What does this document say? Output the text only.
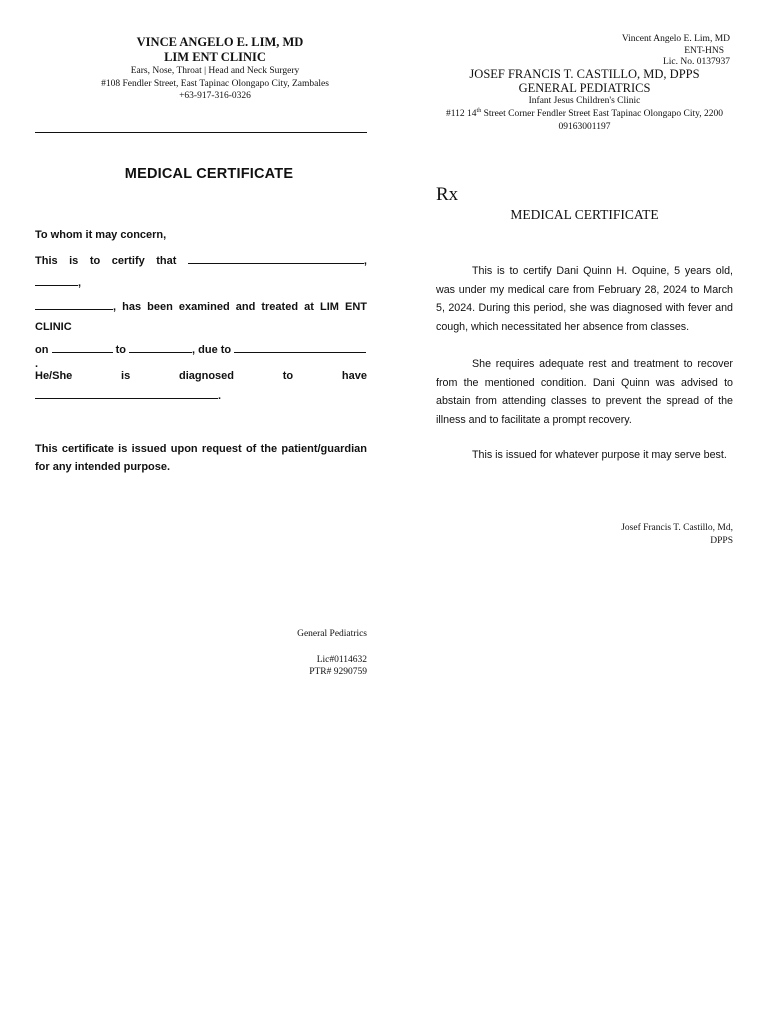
VINCE ANGELO E. LIM, MD
LIM ENT CLINIC
Ears, Nose, Throat | Head and Neck Surgery
#108 Fendler Street, East Tapinac Olongapo City, Zambales
+63-917-316-0326
MEDICAL CERTIFICATE
To whom it may concern,
This is to certify that	,
,
, has been examined and treated at LIM ENT CLINIC
on	to	, due to .
He/She	is	diagnosed	to	have
.
This certificate is issued upon request of the patient/guardian for any intended purpose.
General Pediatrics
Lic#0114632
PTR# 9290759
Vincent Angelo E. Lim, MD
ENT-HNS
Lic. No. 0137937
JOSEF FRANCIS T. CASTILLO, MD, DPPS
GENERAL PEDIATRICS
Infant Jesus Children's Clinic
#112 14th Street Corner Fendler Street East Tapinac Olongapo City, 2200
09163001197
Rx
MEDICAL CERTIFICATE
This is to certify Dani Quinn H. Oquine, 5 years old, was under my medical care from February 28, 2024 to March 5, 2024. During this period, she was diagnosed with fever and cough, which necessitated her absence from classes.
She requires adequate rest and treatment to recover from the mentioned condition. Dani Quinn was advised to abstain from attending classes to prevent the spread of the illness and to facilitate a prompt recovery.
This is issued for whatever purpose it may serve best.
Josef Francis T. Castillo, Md,
DPPS
